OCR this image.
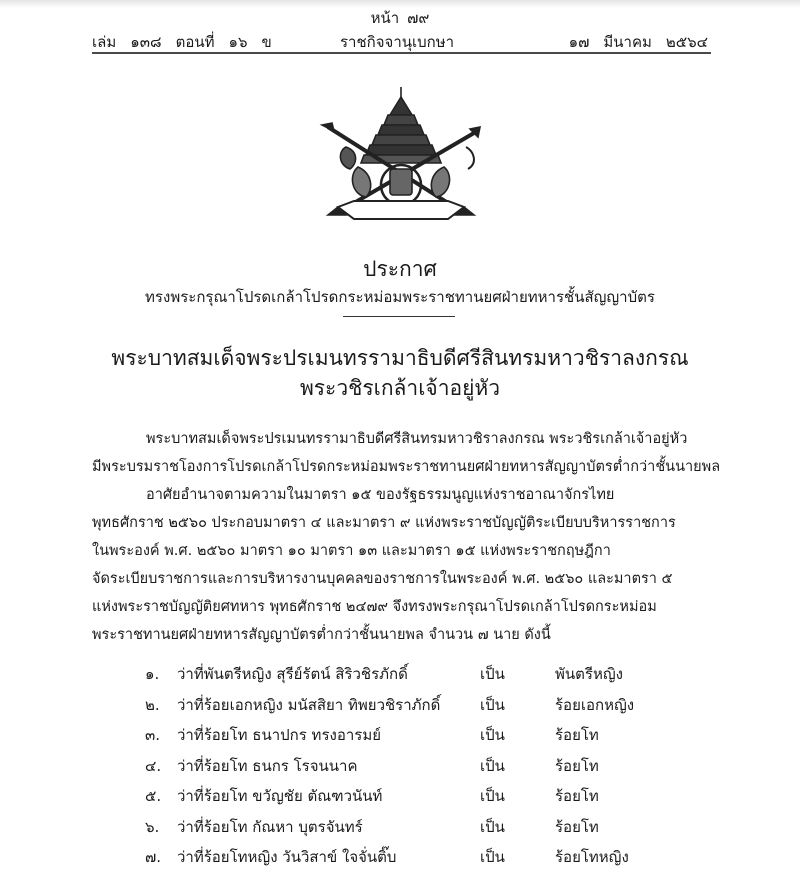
หน้า ๗๙
เล่ม ๑๓๘ ตอนที่ ๑๖ ข	ราชกิจจานุเบกษา	๑๗ มีนาคม ๒๕๖๔
ประกาศ
ทรงพระกรุณาโปรดเกล้าโปรดกระหม่อมพระราชทานยศฝ่ายทหารชั้นสัญญาบัตร
พระบาทสมเด็จพระปรเมนทรรามาธิบดีศรีสินทรมหาวชิราลงกรณ
พระวชิรเกล้าเจ้าอยู่หัว
พระบาทสมเด็จพระปรเมนทรรามาธิบดีศรีสินทรมหาวชิราลงกรณ พระวชิรเกล้าเจ้าอยู่หัว
มีพระบรมราชโองการโปรดเกล้าโปรดกระหม่อมพระราชทานยศฝ่ายทหารสัญญาบัตรต่ำกว่าชั้นนายพล
อาศัยอำนาจตามความในมาตรา ๑๕ ของรัฐธรรมนูญแห่งราชอาณาจักรไทย
พุทธศักราช ๒๕๖๐ ประกอบมาตรา ๔ และมาตรา ๙ แห่งพระราชบัญญัติระเบียบบริหารราชการ
ในพระองค์ พ.ศ. ๒๕๖๐ มาตรา ๑๐ มาตรา ๑๓ และมาตรา ๑๕ แห่งพระราชกฤษฎีกา
จัดระเบียบราชการและการบริหารงานบุคคลของราชการในพระองค์ พ.ศ. ๒๕๖๐ และมาตรา ๕
แห่งพระราชบัญญัติยศทหาร พุทธศักราช ๒๔๗๙ จึงทรงพระกรุณาโปรดเกล้าโปรดกระหม่อม
พระราชทานยศฝ่ายทหารสัญญาบัตรต่ำกว่าชั้นนายพล จำนวน ๗ นาย ดังนี้
๑. ว่าที่พันตรีหญิง สุรีย์รัตน์ สิริวชิรภักดิ์	เป็น	พันตรีหญิง
๒. ว่าที่ร้อยเอกหญิง มนัสสิยา ทิพยวชิราภักดิ์	เป็น	ร้อยเอกหญิง
๓. ว่าที่ร้อยโท ธนาปกร ทรงอารมย์	เป็น	ร้อยโท
๔. ว่าที่ร้อยโท ธนกร โรจนนาค	เป็น	ร้อยโท
๕. ว่าที่ร้อยโท ขวัญชัย ตัณฑวนันท์	เป็น	ร้อยโท
๖. ว่าที่ร้อยโท กัณหา บุตรจันทร์	เป็น	ร้อยโท
๗. ว่าที่ร้อยโทหญิง วันวิสาข์ ใจจั่นติ๊บ	เป็น	ร้อยโทหญิง
